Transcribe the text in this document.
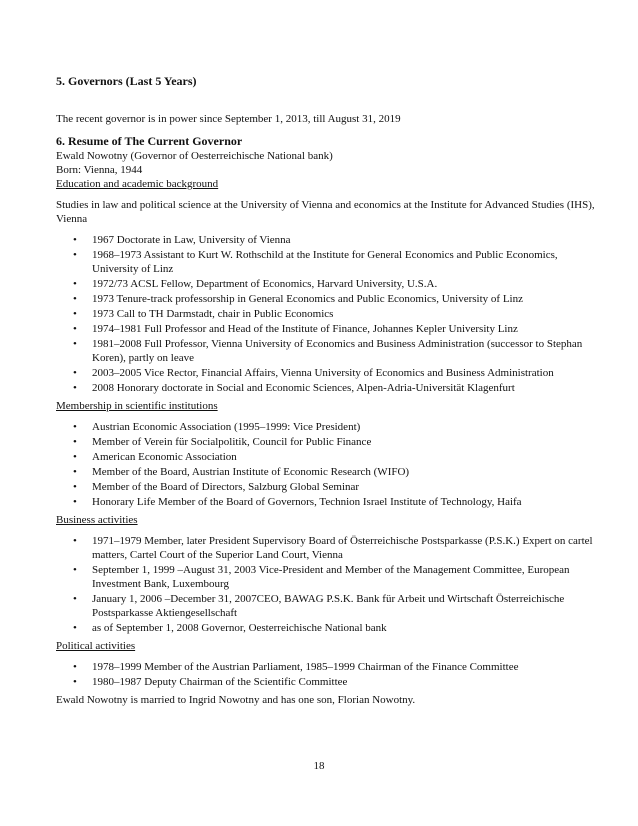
5. Governors (Last 5 Years)

The recent governor is in power since September 1, 2013, till August 31, 2019

6. Resume of The Current Governor

Ewald Nowotny (Governor of Oesterreichische National bank)

Born: Vienna, 1944

Education and academic background

Studies in law and political science at the University of Vienna and economics at the Institute for Advanced Studies (IHS), Vienna

• 1967 Doctorate in Law, University of Vienna
• 1968–1973 Assistant to Kurt W. Rothschild at the Institute for General Economics and Public Economics, University of Linz
• 1972/73 ACSL Fellow, Department of Economics, Harvard University, U.S.A.
• 1973 Tenure-track professorship in General Economics and Public Economics, University of Linz
• 1973 Call to TH Darmstadt, chair in Public Economics
• 1974–1981 Full Professor and Head of the Institute of Finance, Johannes Kepler University Linz
• 1981–2008 Full Professor, Vienna University of Economics and Business Administration (successor to Stephan Koren), partly on leave
• 2003–2005 Vice Rector, Financial Affairs, Vienna University of Economics and Business Administration
• 2008 Honorary doctorate in Social and Economic Sciences, Alpen-Adria-Universität Klagenfurt

Membership in scientific institutions

• Austrian Economic Association (1995–1999: Vice President)
• Member of Verein für Socialpolitik, Council for Public Finance
• American Economic Association
• Member of the Board, Austrian Institute of Economic Research (WIFO)
• Member of the Board of Directors, Salzburg Global Seminar
• Honorary Life Member of the Board of Governors, Technion Israel Institute of Technology, Haifa

Business activities

• 1971–1979 Member, later President Supervisory Board of Österreichische Postsparkasse (P.S.K.) Expert on cartel matters, Cartel Court of the Superior Land Court, Vienna
• September 1, 1999 –August 31, 2003 Vice-President and Member of the Management Committee, European Investment Bank, Luxembourg
• January 1, 2006 –December 31, 2007CEO, BAWAG P.S.K. Bank für Arbeit und Wirtschaft Österreichische Postsparkasse Aktiengesellschaft
• as of September 1, 2008 Governor, Oesterreichische National bank

Political activities

• 1978–1999 Member of the Austrian Parliament, 1985–1999 Chairman of the Finance Committee
• 1980–1987 Deputy Chairman of the Scientific Committee

Ewald Nowotny is married to Ingrid Nowotny and has one son, Florian Nowotny.

18
